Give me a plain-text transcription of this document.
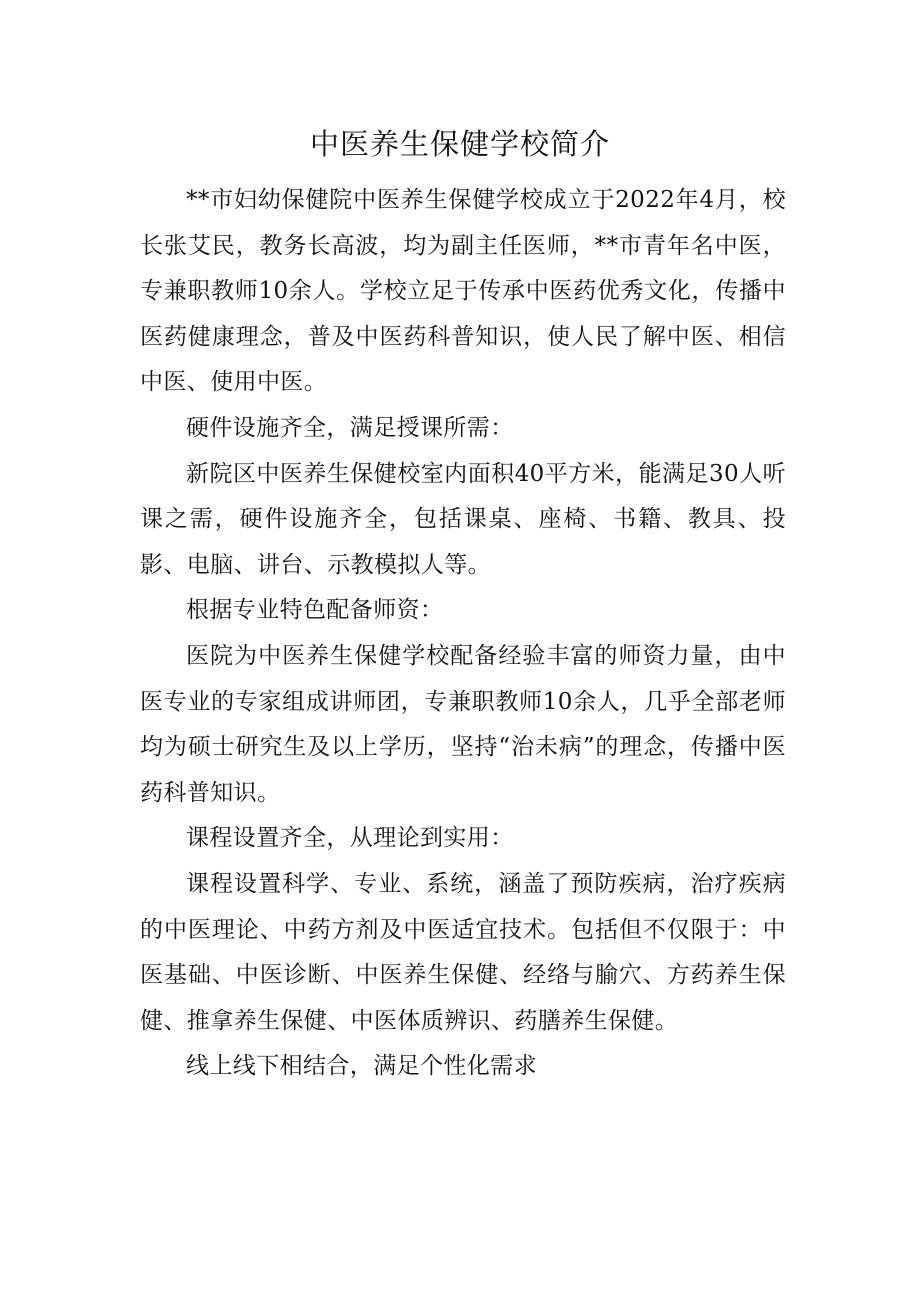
中医养生保健学校简介

**市妇幼保健院中医养生保健学校成立于2022年4月，校长张艾民，教务长高波，均为副主任医师，**市青年名中医，专兼职教师10余人。学校立足于传承中医药优秀文化，传播中医药健康理念，普及中医药科普知识，使人民了解中医、相信中医、使用中医。

硬件设施齐全，满足授课所需：

新院区中医养生保健校室内面积40平方米，能满足30人听课之需，硬件设施齐全，包括课桌、座椅、书籍、教具、投影、电脑、讲台、示教模拟人等。

根据专业特色配备师资：

医院为中医养生保健学校配备经验丰富的师资力量，由中医专业的专家组成讲师团，专兼职教师10余人，几乎全部老师均为硕士研究生及以上学历，坚持“治未病”的理念，传播中医药科普知识。

课程设置齐全，从理论到实用：

课程设置科学、专业、系统，涵盖了预防疾病，治疗疾病的中医理论、中药方剂及中医适宜技术。包括但不仅限于：中医基础、中医诊断、中医养生保健、经络与腧穴、方药养生保健、推拿养生保健、中医体质辨识、药膳养生保健。

线上线下相结合，满足个性化需求
